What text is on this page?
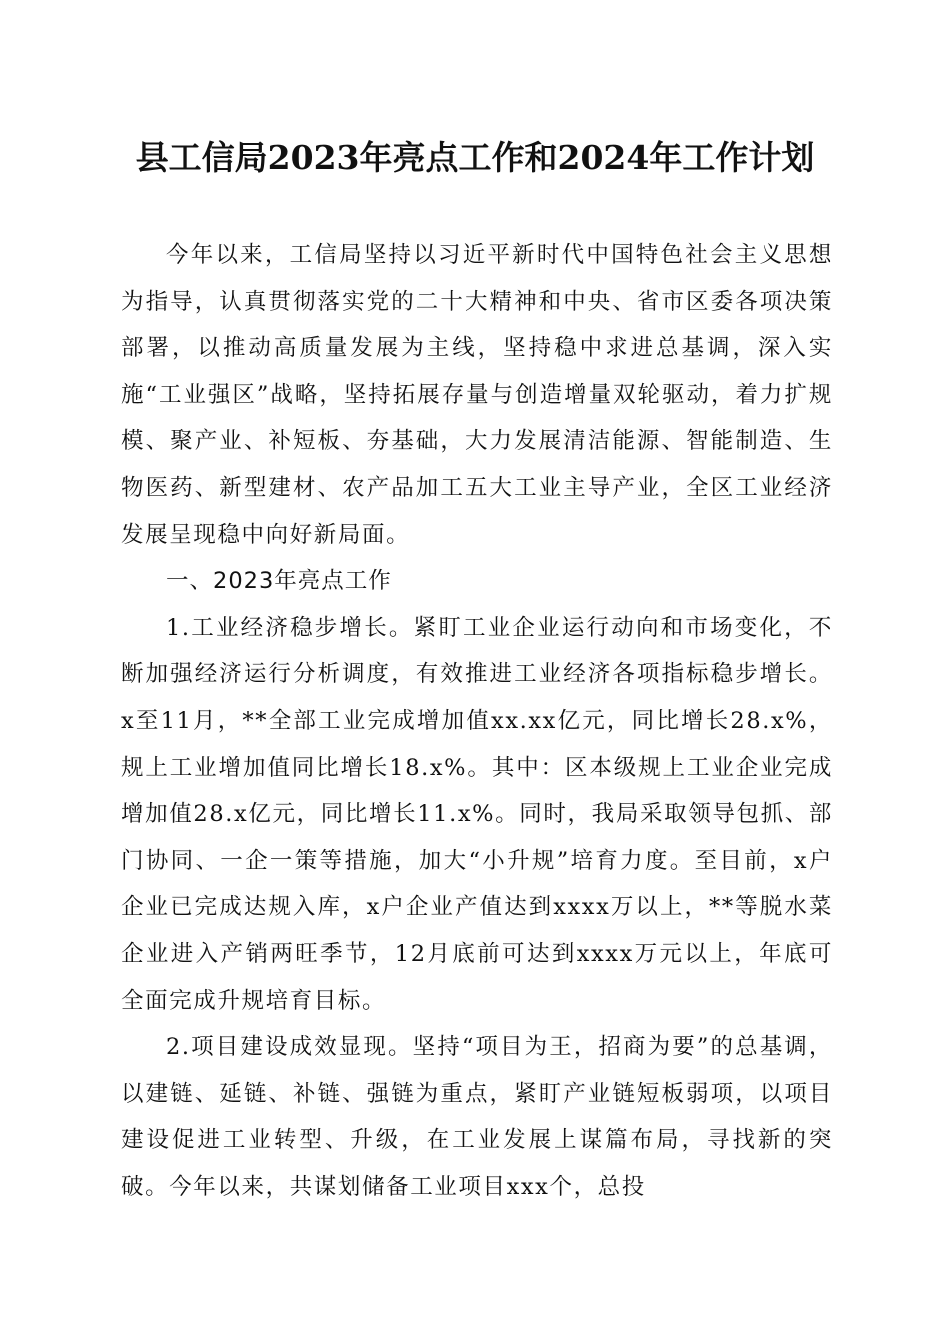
县工信局2023年亮点工作和2024年工作计划

今年以来，工信局坚持以习近平新时代中国特色社会主义思想为指导，认真贯彻落实党的二十大精神和中央、省市区委各项决策部署，以推动高质量发展为主线，坚持稳中求进总基调，深入实施“工业强区”战略，坚持拓展存量与创造增量双轮驱动，着力扩规模、聚产业、补短板、夯基础，大力发展清洁能源、智能制造、生物医药、新型建材、农产品加工五大工业主导产业，全区工业经济发展呈现稳中向好新局面。

一、2023年亮点工作

1.工业经济稳步增长。紧盯工业企业运行动向和市场变化，不断加强经济运行分析调度，有效推进工业经济各项指标稳步增长。x至11月，**全部工业完成增加值xx.xx亿元，同比增长28.x%，规上工业增加值同比增长18.x%。其中：区本级规上工业企业完成增加值28.x亿元，同比增长11.x%。同时，我局采取领导包抓、部门协同、一企一策等措施，加大“小升规”培育力度。至目前，x户企业已完成达规入库，x户企业产值达到xxxx万以上，**等脱水菜企业进入产销两旺季节，12月底前可达到xxxx万元以上，年底可全面完成升规培育目标。

2.项目建设成效显现。坚持“项目为王，招商为要”的总基调，以建链、延链、补链、强链为重点，紧盯产业链短板弱项，以项目建设促进工业转型、升级，在工业发展上谋篇布局，寻找新的突破。今年以来，共谋划储备工业项目xxx个，总投
